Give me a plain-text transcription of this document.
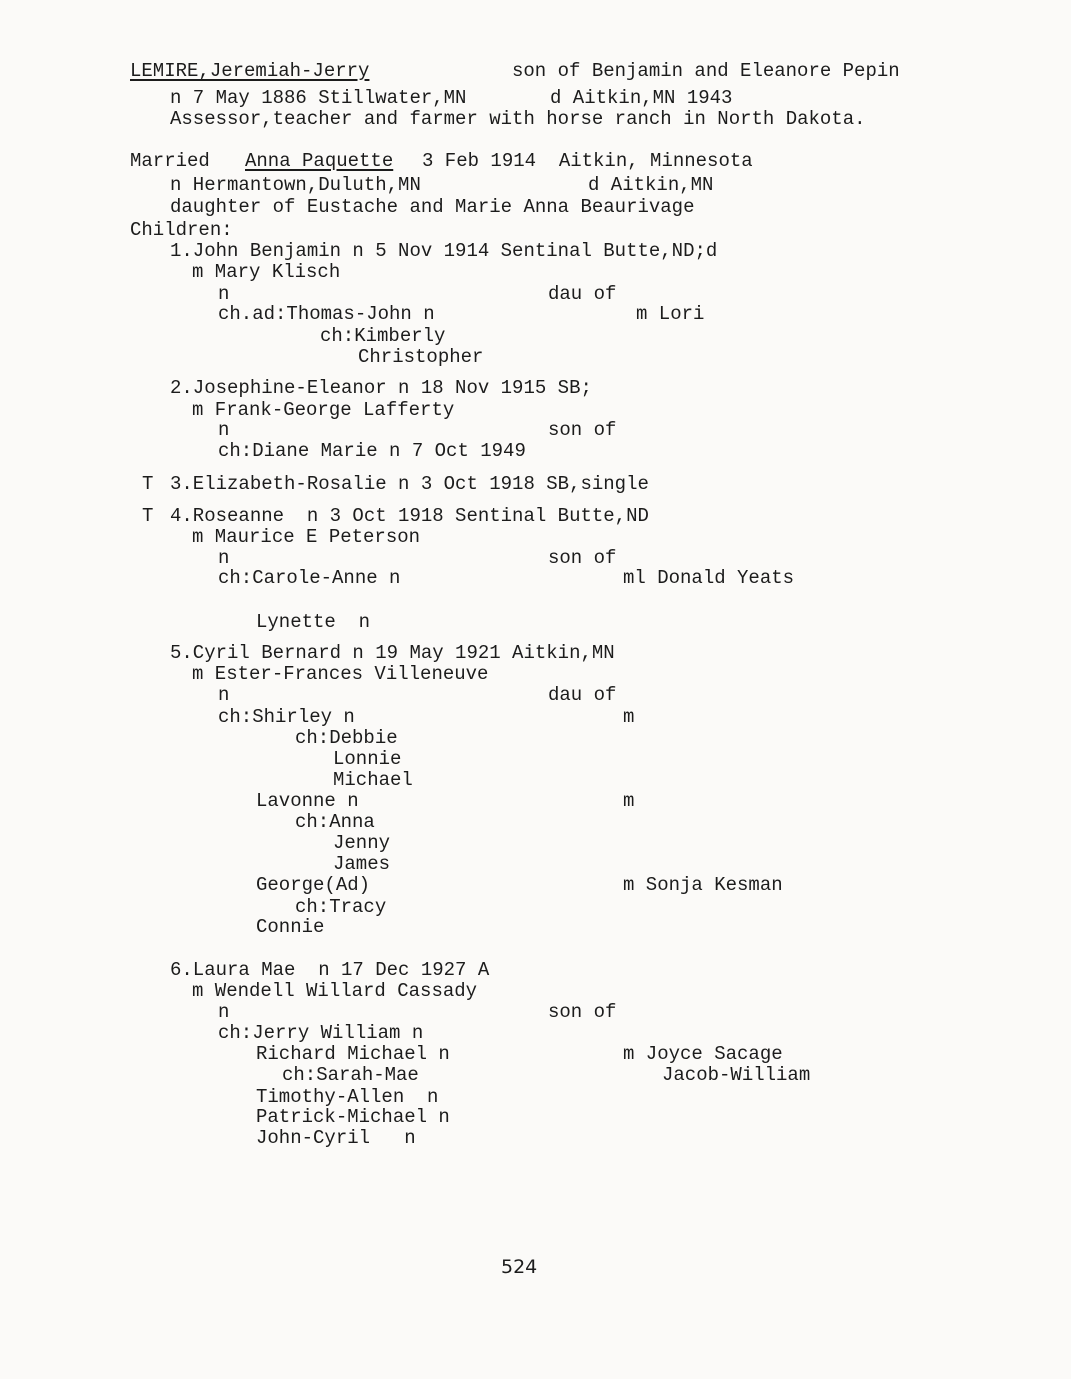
LEMIRE,Jeremiah-Jerry	son of Benjamin and Eleanore Pepin
n 7 May 1886 Stillwater,MN	d Aitkin,MN 1943
Assessor,teacher and farmer with horse ranch in North Dakota.
Married Anna Paquette 3 Feb 1914  Aitkin, Minnesota
n Hermantown,Duluth,MN	d Aitkin,MN
daughter of Eustache and Marie Anna Beaurivage
Children:
1.John Benjamin n 5 Nov 1914 Sentinal Butte,ND;d
m Mary Klisch
n	dau of
ch.ad:Thomas-John n	m Lori
ch:Kimberly
Christopher
2.Josephine-Eleanor n 18 Nov 1915 SB;
m Frank-George Lafferty
n	son of
ch:Diane Marie n 7 Oct 1949
T 3.Elizabeth-Rosalie n 3 Oct 1918 SB,single
T 4.Roseanne  n 3 Oct 1918 Sentinal Butte,ND
m Maurice E Peterson
n	son of
ch:Carole-Anne n	ml Donald Yeats
Lynette  n
5.Cyril Bernard n 19 May 1921 Aitkin,MN
m Ester-Frances Villeneuve
n	dau of
ch:Shirley n	m
ch:Debbie
Lonnie
Michael
Lavonne n	m
ch:Anna
Jenny
James
George(Ad)	m Sonja Kesman
ch:Tracy
Connie
6.Laura Mae  n 17 Dec 1927 A
m Wendell Willard Cassady
n	son of
ch:Jerry William n
Richard Michael n	m Joyce Sacage
ch:Sarah-Mae	Jacob-William
Timothy-Allen  n
Patrick-Michael n
John-Cyril   n
524
